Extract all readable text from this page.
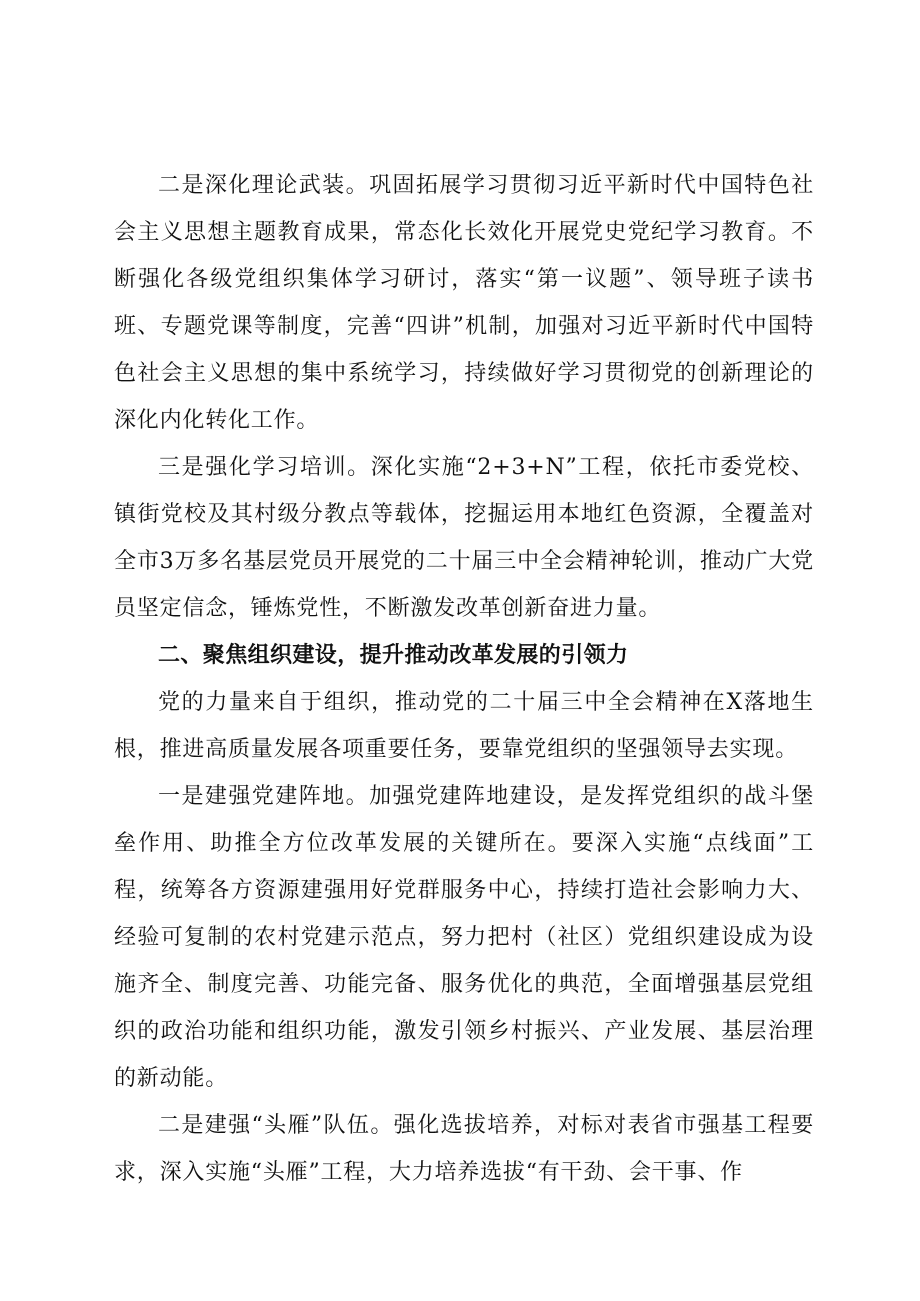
二是深化理论武装。巩固拓展学习贯彻习近平新时代中国特色社会主义思想主题教育成果，常态化长效化开展党史党纪学习教育。不断强化各级党组织集体学习研讨，落实“第一议题”、领导班子读书班、专题党课等制度，完善“四讲”机制，加强对习近平新时代中国特色社会主义思想的集中系统学习，持续做好学习贯彻党的创新理论的深化内化转化工作。

三是强化学习培训。深化实施“2+3+N”工程，依托市委党校、镇街党校及其村级分教点等载体，挖掘运用本地红色资源，全覆盖对全市3万多名基层党员开展党的二十届三中全会精神轮训，推动广大党员坚定信念，锤炼党性，不断激发改革创新奋进力量。

二、聚焦组织建设，提升推动改革发展的引领力

党的力量来自于组织，推动党的二十届三中全会精神在X落地生根，推进高质量发展各项重要任务，要靠党组织的坚强领导去实现。

一是建强党建阵地。加强党建阵地建设，是发挥党组织的战斗堡垒作用、助推全方位改革发展的关键所在。要深入实施“点线面”工程，统筹各方资源建强用好党群服务中心，持续打造社会影响力大、经验可复制的农村党建示范点，努力把村（社区）党组织建设成为设施齐全、制度完善、功能完备、服务优化的典范，全面增强基层党组织的政治功能和组织功能，激发引领乡村振兴、产业发展、基层治理的新动能。

二是建强“头雁”队伍。强化选拔培养，对标对表省市强基工程要求，深入实施“头雁”工程，大力培养选拔“有干劲、会干事、作
